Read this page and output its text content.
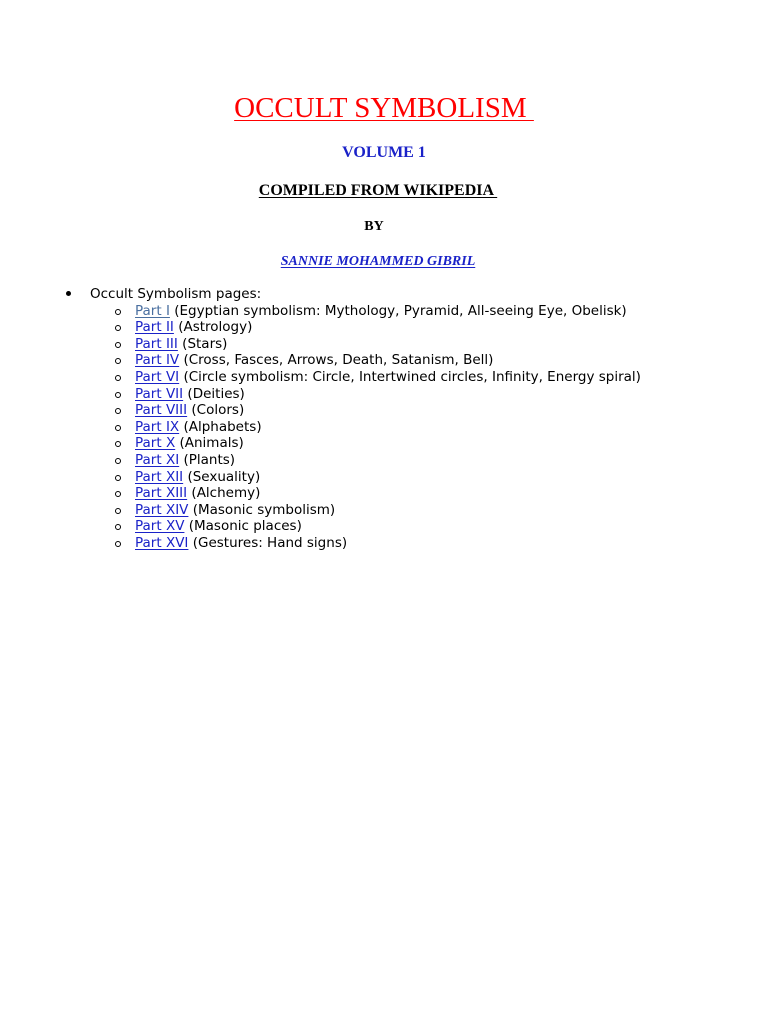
OCCULT SYMBOLISM
VOLUME 1
COMPILED FROM WIKIPEDIA
BY
SANNIE MOHAMMED GIBRIL
Occult Symbolism pages:
Part I (Egyptian symbolism: Mythology, Pyramid, All-seeing Eye, Obelisk)
Part II (Astrology)
Part III (Stars)
Part IV (Cross, Fasces, Arrows, Death, Satanism, Bell)
Part VI (Circle symbolism: Circle, Intertwined circles, Infinity, Energy spiral)
Part VII (Deities)
Part VIII (Colors)
Part IX (Alphabets)
Part X (Animals)
Part XI (Plants)
Part XII (Sexuality)
Part XIII (Alchemy)
Part XIV (Masonic symbolism)
Part XV (Masonic places)
Part XVI (Gestures: Hand signs)
